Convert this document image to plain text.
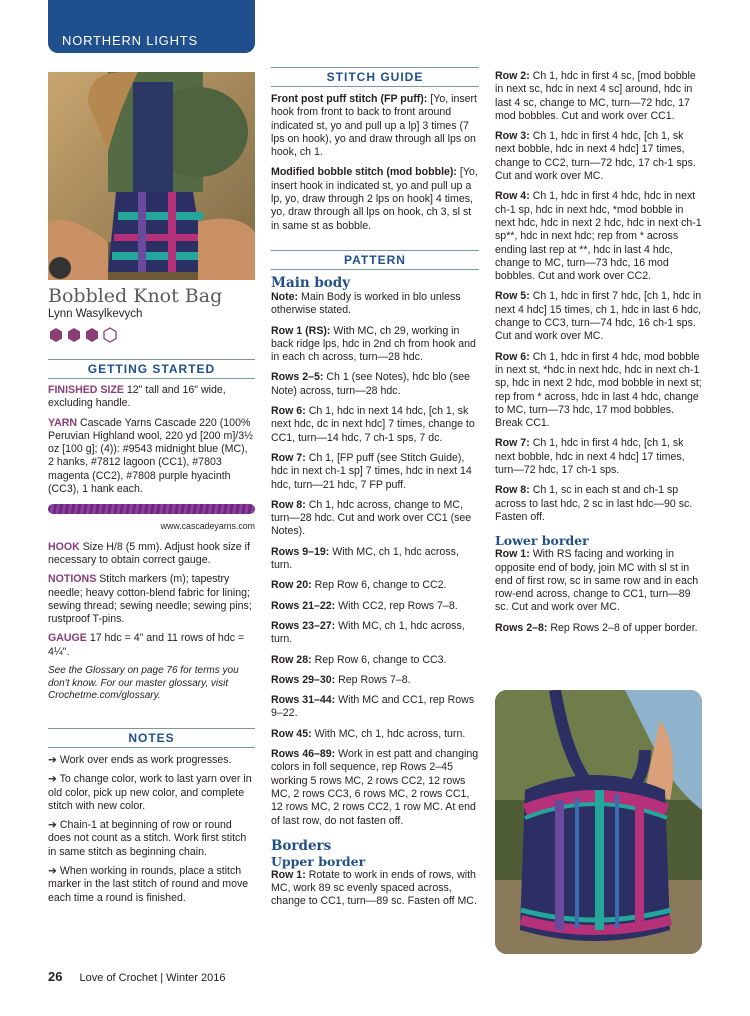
NORTHERN LIGHTS
Bobbled Knot Bag
Lynn Wasylkevych
GETTING STARTED

FINISHED SIZE 12" tall and 16" wide, excluding handle.

YARN Cascade Yarns Cascade 220 (100% Peruvian Highland wool, 220 yd [200 m]/3½ oz [100 g]; (4)): #9543 midnight blue (MC), 2 hanks, #7812 lagoon (CC1), #7803 magenta (CC2), #7808 purple hyacinth (CC3), 1 hank each.

www.cascadeyarns.com

HOOK Size H/8 (5 mm). Adjust hook size if necessary to obtain correct gauge.

NOTIONS Stitch markers (m); tapestry needle; heavy cotton-blend fabric for lining; sewing thread; sewing needle; sewing pins; rustproof T-pins.

GAUGE 17 hdc = 4" and 11 rows of hdc = 4¼".

See the Glossary on page 76 for terms you don't know. For our master glossary, visit Crochetme.com/glossary.

NOTES

➔ Work over ends as work progresses.

➔ To change color, work to last yarn over in old color, pick up new color, and complete stitch with new color.

➔ Chain-1 at beginning of row or round does not count as a stitch. Work first stitch in same stitch as beginning chain.

➔ When working in rounds, place a stitch marker in the last stitch of round and move each time a round is finished.

STITCH GUIDE

Front post puff stitch (FP puff): [Yo, insert hook from front to back to front around indicated st, yo and pull up a lp] 3 times (7 lps on hook), yo and draw through all lps on hook, ch 1.

Modified bobble stitch (mod bobble): [Yo, insert hook in indicated st, yo and pull up a lp, yo, draw through 2 lps on hook] 4 times, yo, draw through all lps on hook, ch 3, sl st in same st as bobble.

PATTERN
Main body

Note: Main Body is worked in blo unless otherwise stated.

Row 1 (RS): With MC, ch 29, working in back ridge lps, hdc in 2nd ch from hook and in each ch across, turn—28 hdc.

Rows 2–5: Ch 1 (see Notes), hdc blo (see Note) across, turn—28 hdc.

Row 6: Ch 1, hdc in next 14 hdc, [ch 1, sk next hdc, dc in next hdc] 7 times, change to CC1, turn—14 hdc, 7 ch-1 sps, 7 dc.

Row 7: Ch 1, [FP puff (see Stitch Guide), hdc in next ch-1 sp] 7 times, hdc in next 14 hdc, turn—21 hdc, 7 FP puff.

Row 8: Ch 1, hdc across, change to MC, turn—28 hdc. Cut and work over CC1 (see Notes).

Rows 9–19: With MC, ch 1, hdc across, turn.

Row 20: Rep Row 6, change to CC2.

Rows 21–22: With CC2, rep Rows 7–8.

Rows 23–27: With MC, ch 1, hdc across, turn.

Row 28: Rep Row 6, change to CC3.

Rows 29–30: Rep Rows 7–8.

Rows 31–44: With MC and CC1, rep Rows 9–22.

Row 45: With MC, ch 1, hdc across, turn.

Rows 46–89: Work in est patt and changing colors in foll sequence, rep Rows 2–45 working 5 rows MC, 2 rows CC2, 12 rows MC, 2 rows CC3, 6 rows MC, 2 rows CC1, 12 rows MC, 2 rows CC2, 1 row MC. At end of last row, do not fasten off.

Borders
Upper border

Row 1: Rotate to work in ends of rows, with MC, work 89 sc evenly spaced across, change to CC1, turn—89 sc. Fasten off MC.

Row 2: Ch 1, hdc in first 4 sc, [mod bobble in next sc, hdc in next 4 sc] around, hdc in last 4 sc, change to MC, turn—72 hdc, 17 mod bobbles. Cut and work over CC1.

Row 3: Ch 1, hdc in first 4 hdc, [ch 1, sk next bobble, hdc in next 4 hdc] 17 times, change to CC2, turn—72 hdc, 17 ch-1 sps. Cut and work over MC.

Row 4: Ch 1, hdc in first 4 hdc, hdc in next ch-1 sp, hdc in next hdc, *mod bobble in next hdc, hdc in next 2 hdc, hdc in next ch-1 sp**, hdc in next hdc; rep from * across ending last rep at **, hdc in last 4 hdc, change to MC, turn—73 hdc, 16 mod bobbles. Cut and work over CC2.

Row 5: Ch 1, hdc in first 7 hdc, [ch 1, hdc in next 4 hdc] 15 times, ch 1, hdc in last 6 hdc, change to CC3, turn—74 hdc, 16 ch-1 sps. Cut and work over MC.

Row 6: Ch 1, hdc in first 4 hdc, mod bobble in next st, *hdc in next hdc, hdc in next ch-1 sp, hdc in next 2 hdc, mod bobble in next st; rep from * across, hdc in last 4 hdc, change to MC, turn—73 hdc, 17 mod bobbles. Break CC1.

Row 7: Ch 1, hdc in first 4 hdc, [ch 1, sk next bobble, hdc in next 4 hdc] 17 times, turn—72 hdc, 17 ch-1 sps.

Row 8: Ch 1, sc in each st and ch-1 sp across to last hdc, 2 sc in last hdc—90 sc. Fasten off.

Lower border

Row 1: With RS facing and working in opposite end of body, join MC with sl st in end of first row, sc in same row and in each row-end across, change to CC1, turn—89 sc. Cut and work over MC.

Rows 2–8: Rep Rows 2–8 of upper border.

26 Love of Crochet | Winter 2016
